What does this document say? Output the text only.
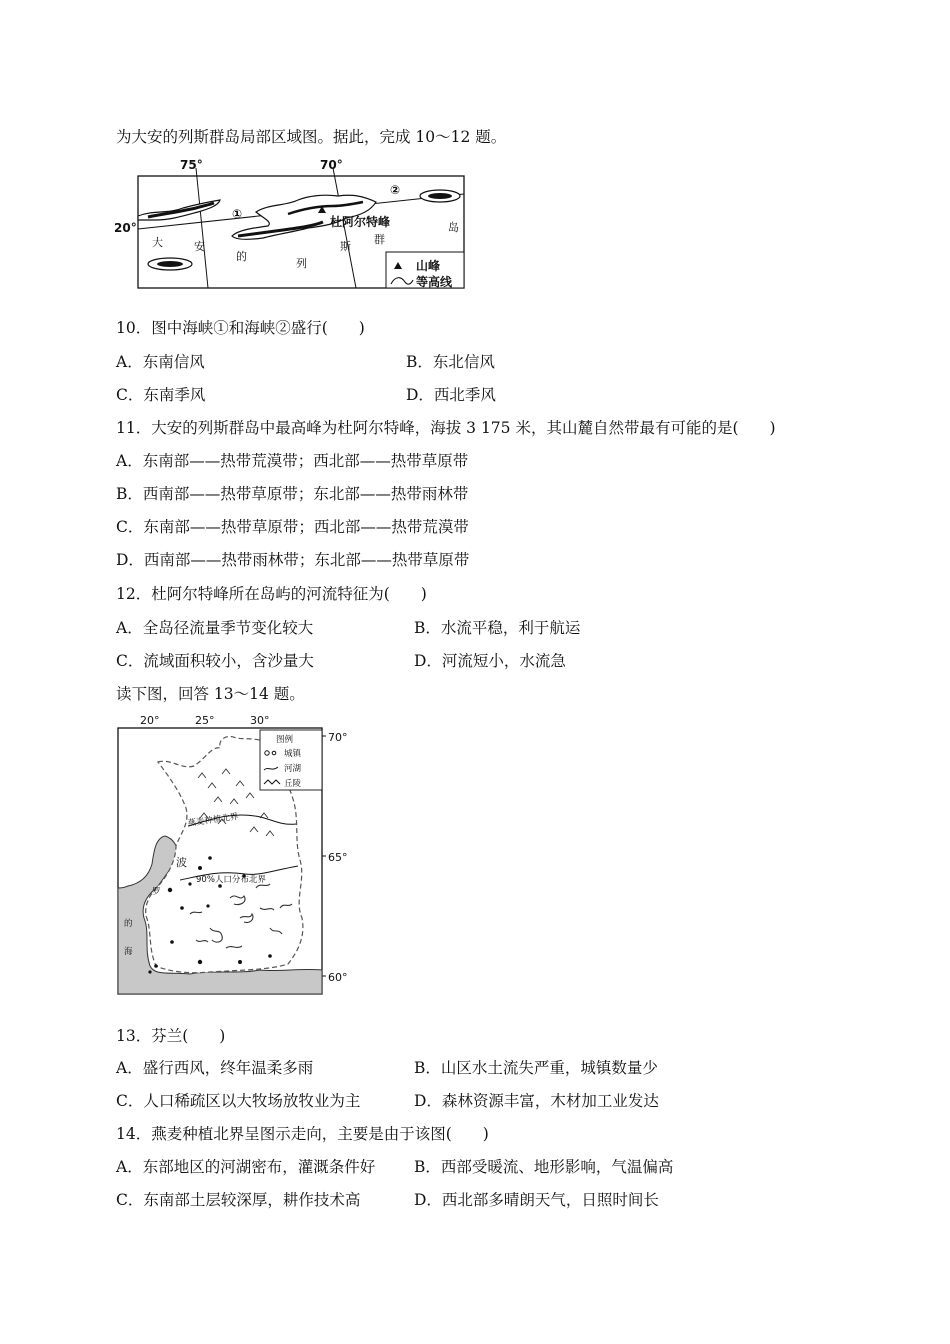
为大安的列斯群岛局部区域图。据此，完成 10～12 题。
75°	70°
20°
①
②
杜阿尔特峰
群
岛
大	安
的
列
斯
山峰
等高线
10．图中海峡①和海峡②盛行(　　)
A．东南信风	B．东北信风
C．东南季风	D．西北季风
11．大安的列斯群岛中最高峰为杜阿尔特峰，海拔 3 175 米，其山麓自然带最有可能的是(　　)
A．东南部——热带荒漠带；西北部——热带草原带
B．西南部——热带草原带；东北部——热带雨林带
C．东南部——热带草原带；西北部——热带荒漠带
D．西南部——热带雨林带；东北部——热带草原带
12．杜阿尔特峰所在岛屿的河流特征为(　　)
A．全岛径流量季节变化较大	B．水流平稳，利于航运
C．流域面积较小，含沙量大	D．河流短小，水流急
读下图，回答 13～14 题。
20°	25°	30°
70°
65°
60°
燕麦种植北界
90%人口分布北界
波
罗
的
海
图例
城镇
河湖
丘陵
13．芬兰(　　)
A．盛行西风，终年温柔多雨	B．山区水土流失严重，城镇数量少
C．人口稀疏区以大牧场放牧业为主	D．森林资源丰富，木材加工业发达
14．燕麦种植北界呈图示走向，主要是由于该图(　　)
A．东部地区的河湖密布，灌溉条件好	B．西部受暖流、地形影响，气温偏高
C．东南部土层较深厚，耕作技术高	D．西北部多晴朗天气，日照时间长
